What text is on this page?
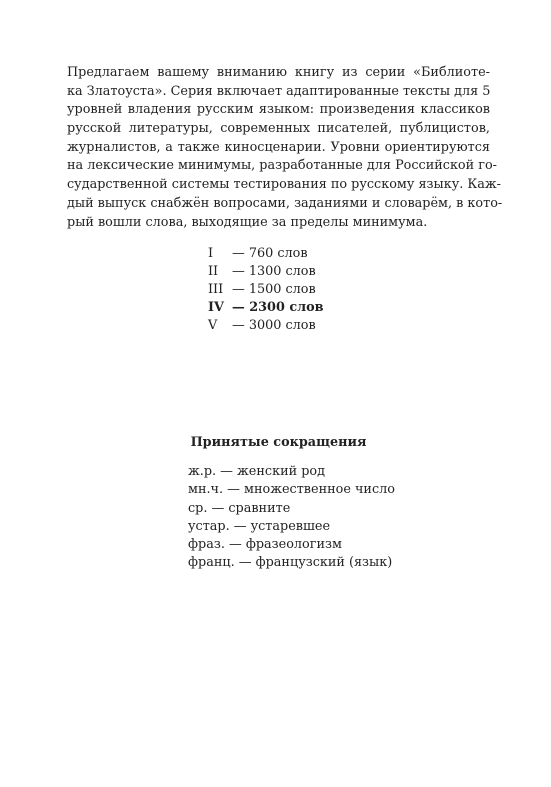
Предлагаем вашему вниманию книгу из серии «Библиоте-
ка Златоуста». Серия включает адаптированные тексты для 5
уровней владения русским языком: произведения классиков
русской литературы, современных писателей, публицистов,
журналистов, а также киносценарии. Уровни ориентируются
на лексические минимумы, разработанные для Российской го-
сударственной системы тестирования по русскому языку. Каж-
дый выпуск снабжён вопросами, заданиями и словарём, в кото-
рый вошли слова, выходящие за пределы минимума.
I	— 760 слов
II	— 1300 слов
III — 1500 слов
IV — 2300 слов
V	— 3000 слов
Принятые сокращения
ж.р. — женский род
мн.ч. — множественное число
ср. — сравните
устар. — устаревшее
фраз. — фразеологизм
франц. — французский (язык)
